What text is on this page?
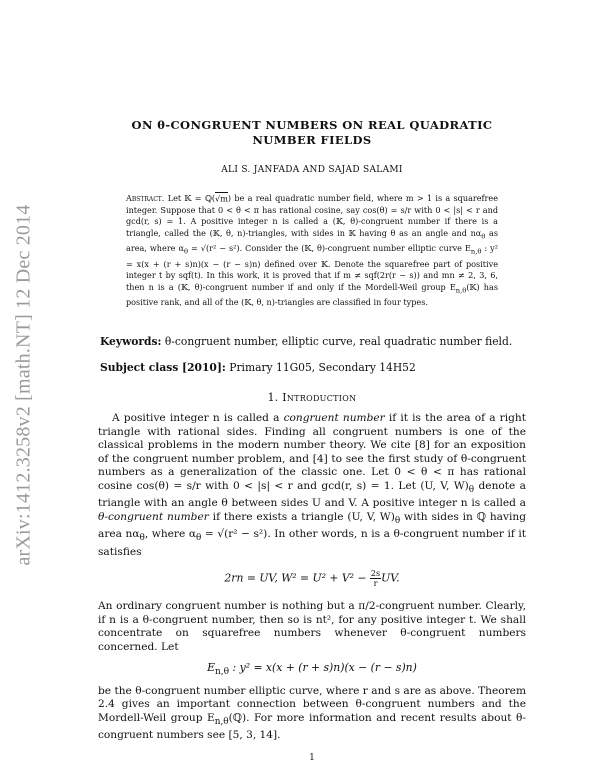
arXiv:1412.3258v2 [math.NT] 12 Dec 2014
ON θ-CONGRUENT NUMBERS ON REAL QUADRATIC NUMBER FIELDS
ALI S. JANFADA AND SAJAD SALAMI
Abstract. Let 𝕂 = ℚ(√m) be a real quadratic number field, where m > 1 is a squarefree integer. Suppose that 0 < θ < π has rational cosine, say cos(θ) = s/r with 0 < |s| < r and gcd(r, s) = 1. A positive integer n is called a (𝕂, θ)-congruent number if there is a triangle, called the (𝕂, θ, n)-triangles, with sides in 𝕂 having θ as an angle and $n\alpha_\theta$ as area, where $\alpha_\theta = √(r^2 - s^2)$. Consider the (𝕂, θ)-congruent number elliptic curve $E_{n,\theta}$ : y² = x(x + (r + s)n)(x − (r − s)n) defined over 𝕂. Denote the squarefree part of positive integer t by sqf(t). In this work, it is proved that if m ≠ sqf(2r(r − s)) and mn ≠ 2, 3, 6, then n is a (𝕂, θ)-congruent number if and only if the Mordell-Weil group $E_{n,\theta}(𝕂)$ has positive rank, and all of the (𝕂, θ, n)-triangles are classified in four types.
Keywords: θ-congruent number, elliptic curve, real quadratic number field.
Subject class [2010]: Primary 11G05, Secondary 14H52
1. Introduction
A positive integer n is called a congruent number if it is the area of a right triangle with rational sides. Finding all congruent numbers is one of the classical problems in the modern number theory. We cite [8] for an exposition of the congruent number problem, and [4] to see the first study of θ-congruent numbers as a generalization of the classic one. Let 0 < θ < π has rational cosine cos(θ) = s/r with 0 < |s| < r and gcd(r, s) = 1. Let (U, V, $W)_\theta$ denote a triangle with an angle θ between sides U and V. A positive integer n is called a θ-congruent number if there exists a triangle (U, V, $W)_\theta$ with sides in ℚ having area $n\alpha_\theta$, where $\alpha_\theta = √(r^2 - s^2)$. In other words, n is a θ-congruent number if it satisfies
2rn = UV, $W^2 = U^2 + V^2 - \frac{2s}{r}$ UV.
An ordinary congruent number is nothing but a π/2-congruent number. Clearly, if n is a θ-congruent number, then so is nt², for any positive integer t. We shall concentrate on squarefree numbers whenever θ-congruent numbers concerned. Let
$E_{n,\theta}$ : y² = x(x + (r + s)n)(x − (r − s)n)
be the θ-congruent number elliptic curve, where r and s are as above. Theorem 2.4 gives an important connection between θ-congruent numbers and the Mordell-Weil group $E_{n,\theta}(ℚ)$. For more information and recent results about θ-congruent numbers see [5, 3, 14].
1
